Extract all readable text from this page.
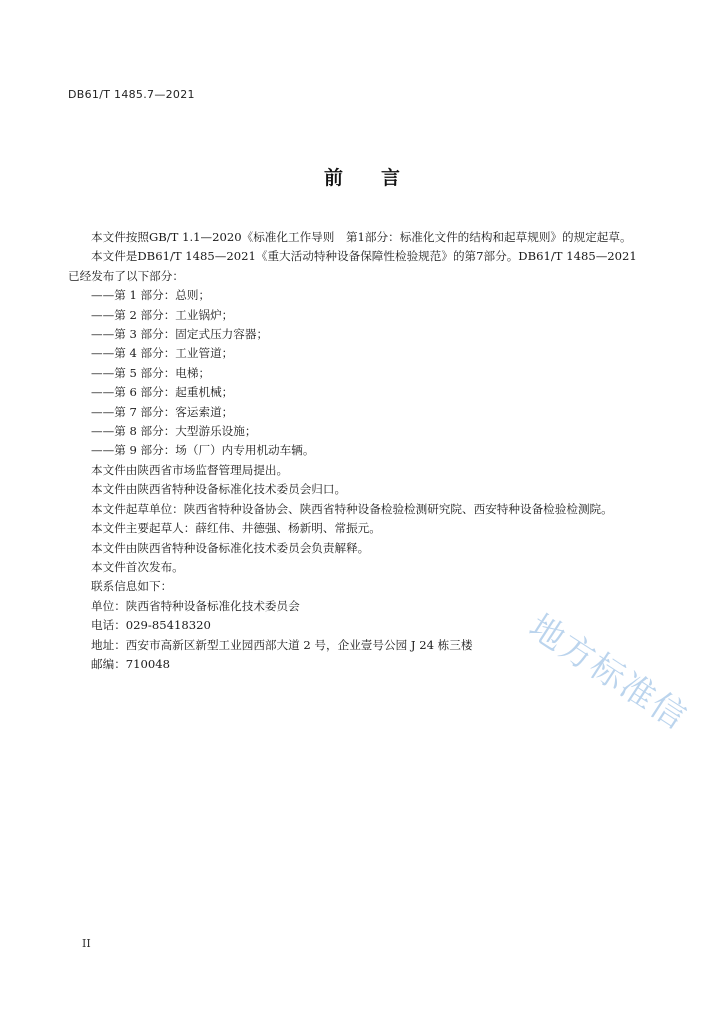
DB61/T 1485.7—2021
前言

本文件按照GB/T 1.1—2020《标准化工作导则　第1部分：标准化文件的结构和起草规则》的规定起草。

本文件是DB61/T 1485—2021《重大活动特种设备保障性检验规范》的第7部分。DB61/T 1485—2021已经发布了以下部分：

——第 1 部分：总则；

——第 2 部分：工业锅炉；

——第 3 部分：固定式压力容器；

——第 4 部分：工业管道；

——第 5 部分：电梯；

——第 6 部分：起重机械；

——第 7 部分：客运索道；

——第 8 部分：大型游乐设施；

——第 9 部分：场（厂）内专用机动车辆。

本文件由陕西省市场监督管理局提出。

本文件由陕西省特种设备标准化技术委员会归口。

本文件起草单位：陕西省特种设备协会、陕西省特种设备检验检测研究院、西安特种设备检验检测院。

本文件主要起草人：薛红伟、井德强、杨新明、常振元。

本文件由陕西省特种设备标准化技术委员会负责解释。

本文件首次发布。

联系信息如下：

单位：陕西省特种设备标准化技术委员会

电话：029-85418320

地址：西安市高新区新型工业园西部大道 2 号，企业壹号公园 J 24 栋三楼

邮编：710048	地方标准信
II
